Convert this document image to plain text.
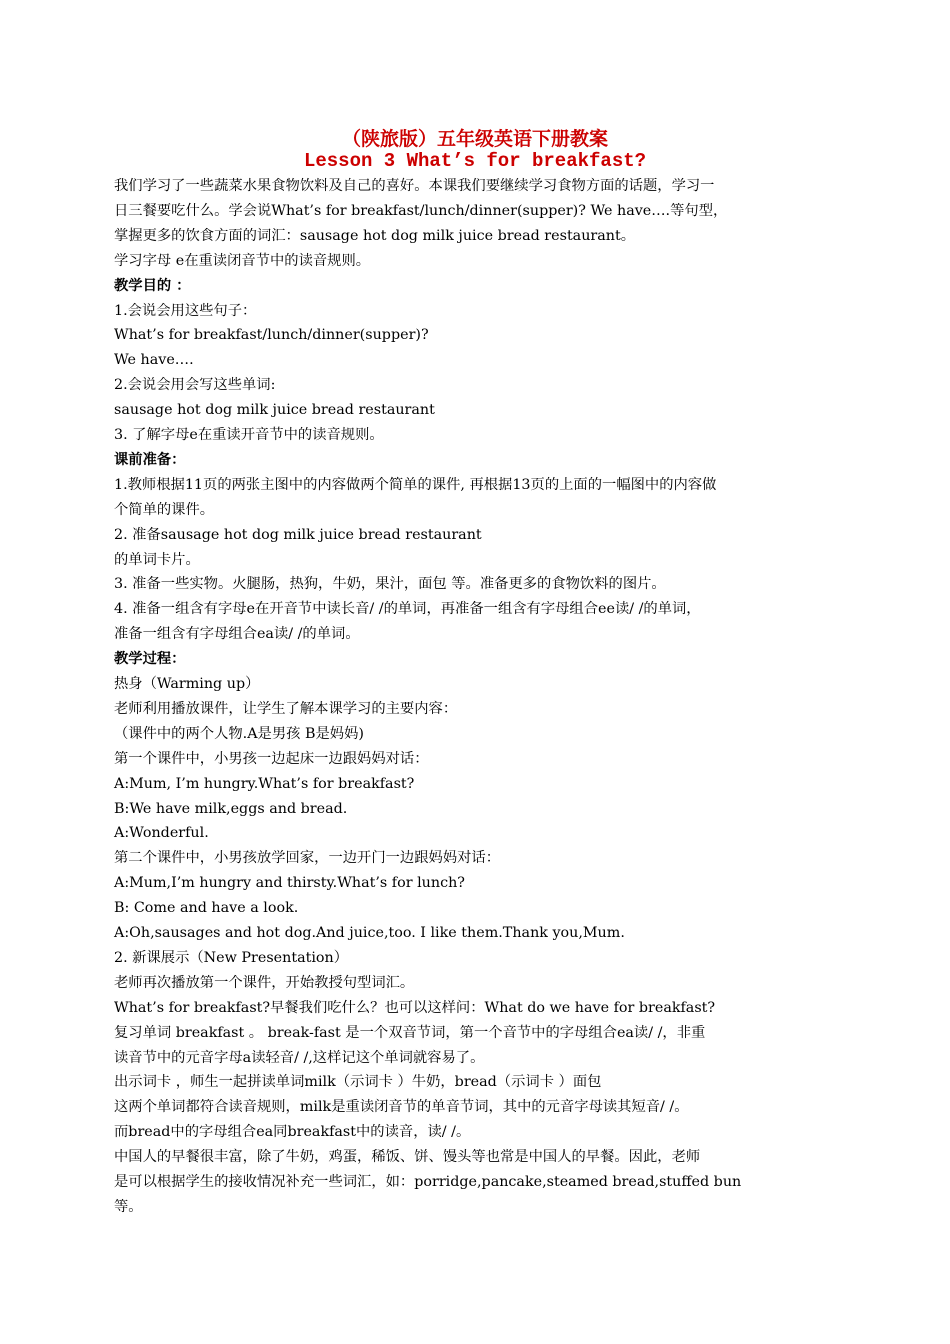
（陕旅版）五年级英语下册教案
Lesson 3 What’s for breakfast?
我们学习了一些蔬菜水果食物饮料及自己的喜好。本课我们要继续学习食物方面的话题，学习一
日三餐要吃什么。学会说What’s for breakfast/lunch/dinner(supper)? We have….等句型，
掌握更多的饮食方面的词汇：sausage hot dog milk juice bread restaurant。
学习字母 e在重读闭音节中的读音规则。
教学目的 ：
1.会说会用这些句子：
What’s for breakfast/lunch/dinner(supper)?
We have….
2.会说会用会写这些单词:
sausage hot dog milk juice bread restaurant
3. 了解字母e在重读开音节中的读音规则。
课前准备：
1.教师根据11页的两张主图中的内容做两个简单的课件, 再根据13页的上面的一幅图中的内容做
个简单的课件。
2. 准备sausage hot dog milk juice bread restaurant
的单词卡片。
3. 准备一些实物。火腿肠，热狗，牛奶，果汁，面包 等。准备更多的食物饮料的图片。
4. 准备一组含有字母e在开音节中读长音/ /的单词，再准备一组含有字母组合ee读/ /的单词，
准备一组含有字母组合ea读/ /的单词。
教学过程：
热身（Warming up）
老师利用播放课件，让学生了解本课学习的主要内容：
（课件中的两个人物.A是男孩 B是妈妈)
第一个课件中，小男孩一边起床一边跟妈妈对话：
A:Mum, I’m hungry.What’s for breakfast?
B:We have milk,eggs and bread.
A:Wonderful.
第二个课件中，小男孩放学回家，一边开门一边跟妈妈对话：
A:Mum,I’m hungry and thirsty.What’s for lunch?
B: Come and have a look.
A:Oh,sausages and hot dog.And juice,too. I like them.Thank you,Mum.
2. 新课展示（New Presentation）
老师再次播放第一个课件，开始教授句型词汇。
What’s for breakfast?早餐我们吃什么？也可以这样问：What do we have for breakfast?
复习单词 breakfast 。 break-fast 是一个双音节词，第一个音节中的字母组合ea读/ /，非重
读音节中的元音字母a读轻音/ /,这样记这个单词就容易了。
出示词卡 ，师生一起拼读单词milk（示词卡 ）牛奶，bread（示词卡 ）面包
这两个单词都符合读音规则，milk是重读闭音节的单音节词，其中的元音字母读其短音/ /。
而bread中的字母组合ea同breakfast中的读音，读/ /。
中国人的早餐很丰富，除了牛奶，鸡蛋，稀饭、饼、馒头等也常是中国人的早餐。因此，老师
是可以根据学生的接收情况补充一些词汇，如：porridge,pancake,steamed bread,stuffed bun
等。
